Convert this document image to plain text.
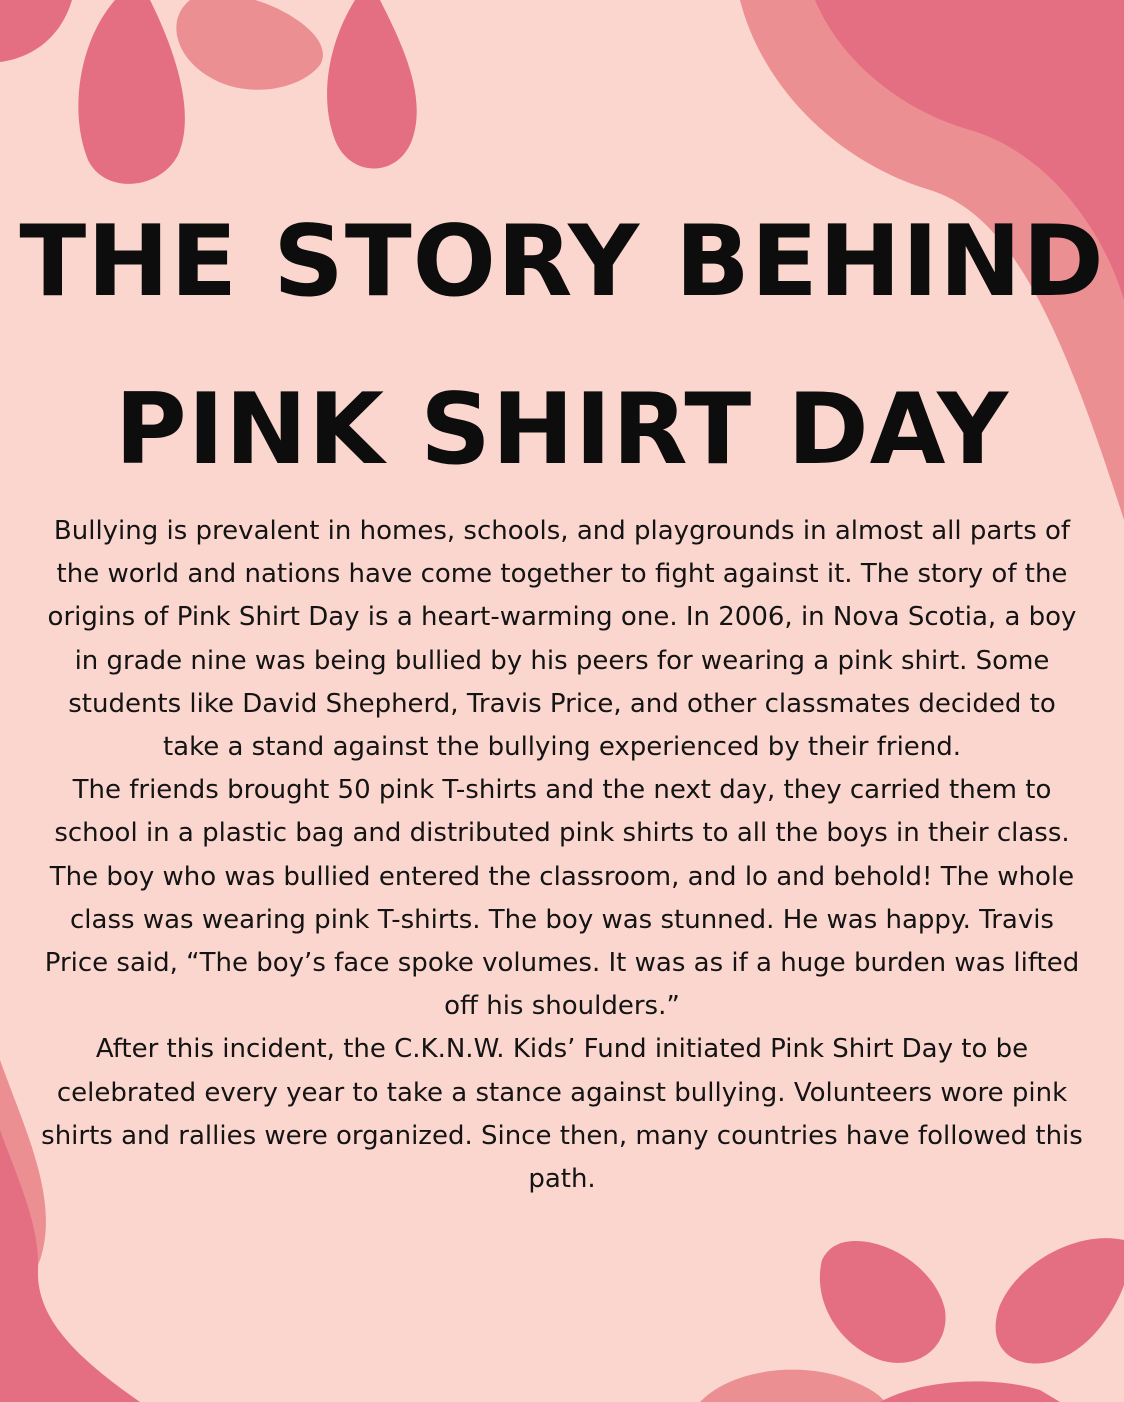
THE STORY BEHIND
PINK SHIRT DAY

Bullying is prevalent in homes, schools, and playgrounds in almost all parts of the world and nations have come together to fight against it. The story of the origins of Pink Shirt Day is a heart-warming one. In 2006, in Nova Scotia, a boy in grade nine was being bullied by his peers for wearing a pink shirt. Some students like David Shepherd, Travis Price, and other classmates decided to take a stand against the bullying experienced by their friend.

The friends brought 50 pink T-shirts and the next day, they carried them to school in a plastic bag and distributed pink shirts to all the boys in their class. The boy who was bullied entered the classroom, and lo and behold! The whole class was wearing pink T-shirts. The boy was stunned. He was happy. Travis Price said, “The boy’s face spoke volumes. It was as if a huge burden was lifted off his shoulders.”

After this incident, the C.K.N.W. Kids’ Fund initiated Pink Shirt Day to be celebrated every year to take a stance against bullying. Volunteers wore pink shirts and rallies were organized. Since then, many countries have followed this path.
